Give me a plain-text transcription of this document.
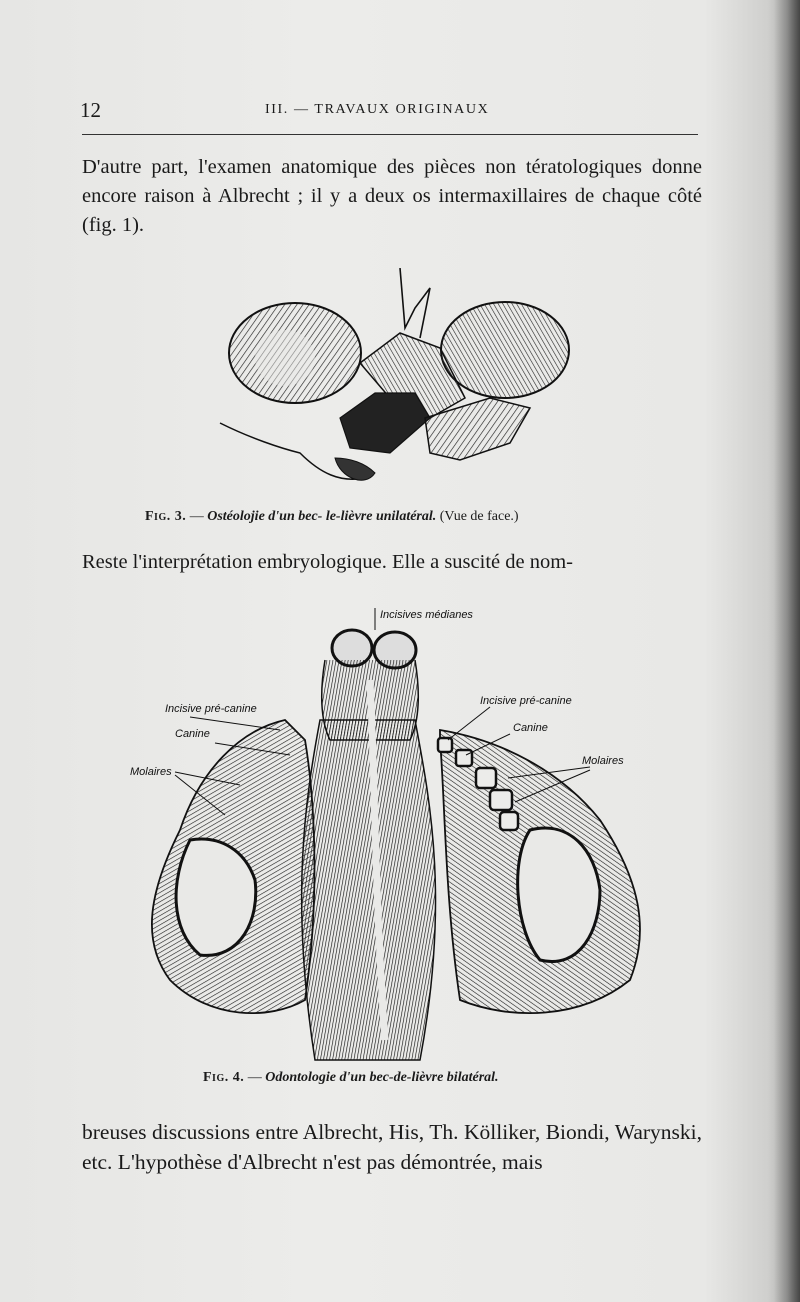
12	III. — TRAVAUX ORIGINAUX
D'autre part, l'examen anatomique des pièces non tératologiques donne encore raison à Albrecht ; il y a deux os intermaxillaires de chaque côté (fig. 1).
Fig. 3. — Ostéolojie d'un bec- le-lièvre unilatéral. (Vue de face.)
Reste l'interprétation embryologique. Elle a suscité de nom-
Incisives médianes
Incisive pré-canine
Canine
Molaires
Incisive pré-canine
Canine
Molaires
Fig. 4. — Odontologie d'un bec-de-lièvre bilatéral.
breuses discussions entre Albrecht, His, Th. Kölliker, Biondi, Warynski, etc. L'hypothèse d'Albrecht n'est pas démontrée, mais
